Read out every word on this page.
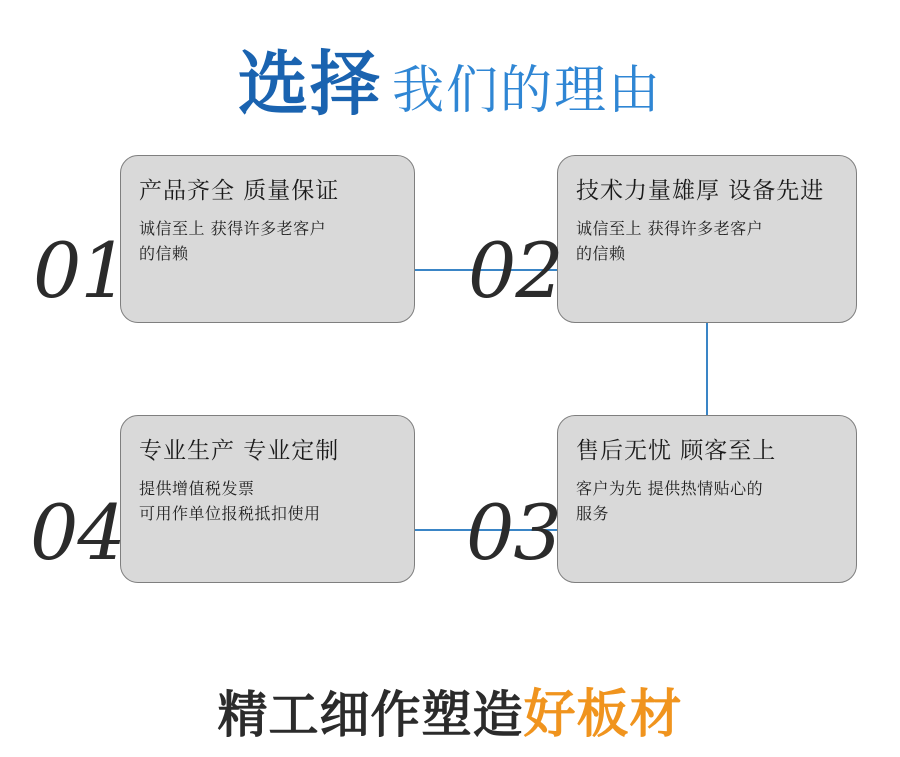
选择 我们的理由
产品齐全 质量保证
诚信至上 获得许多老客户
的信赖
技术力量雄厚 设备先进
诚信至上 获得许多老客户
的信赖
专业生产 专业定制
提供增值税发票
可用作单位报税抵扣使用
售后无忧 顾客至上
客户为先 提供热情贴心的
服务
01	02
03
04
精工细作塑造好板材
